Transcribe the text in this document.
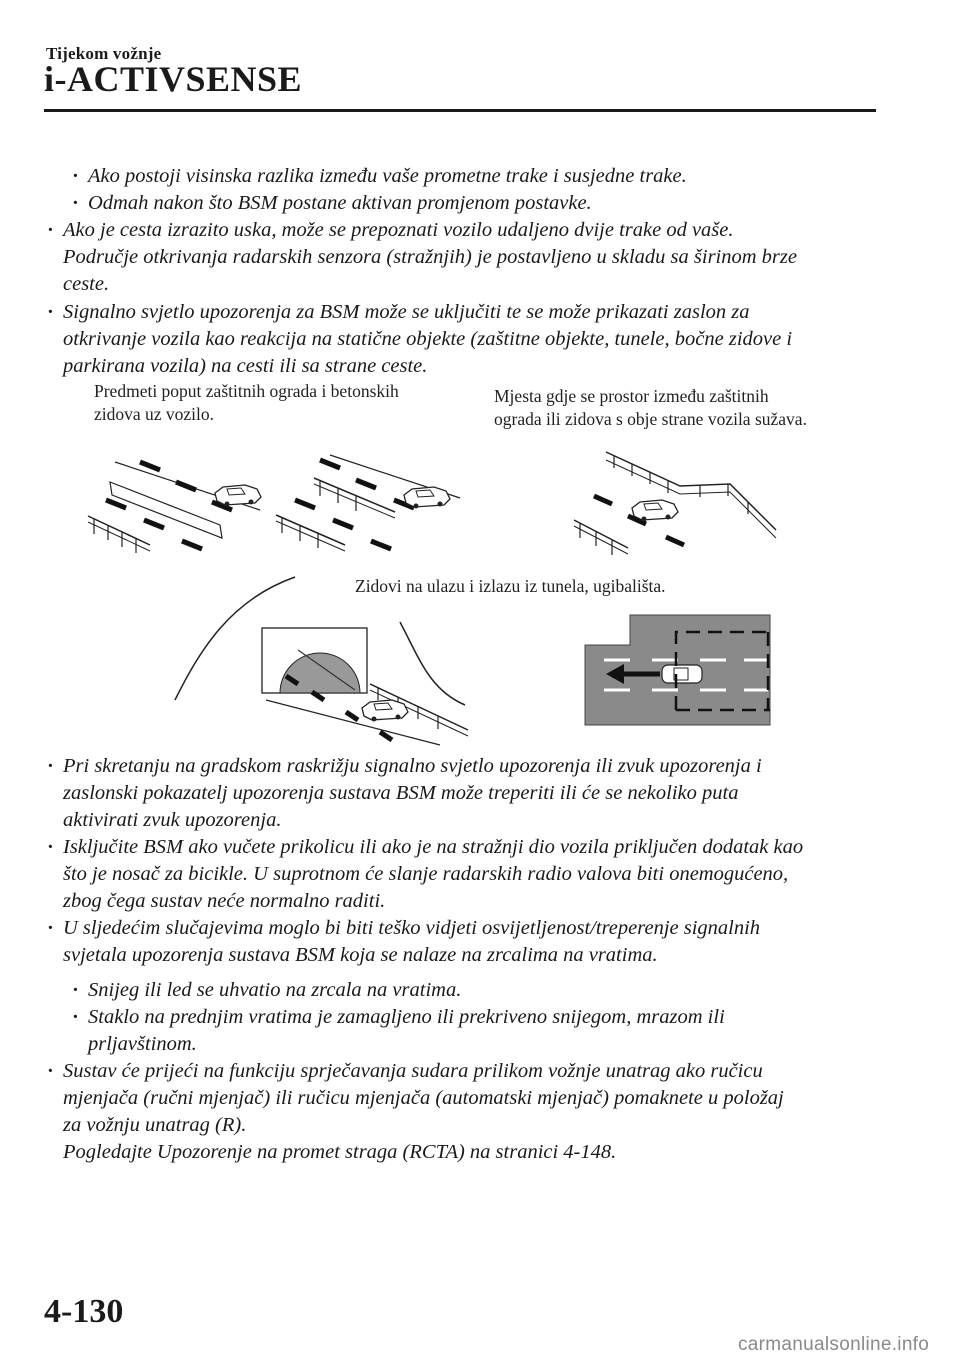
Tijekom vožnje
i-ACTIVSENSE
· Ako postoji visinska razlika između vaše prometne trake i susjedne trake.
· Odmah nakon što BSM postane aktivan promjenom postavke.
· Ako je cesta izrazito uska, može se prepoznati vozilo udaljeno dvije trake od vaše.
Područje otkrivanja radarskih senzora (stražnjih) je postavljeno u skladu sa širinom brze
ceste.
· Signalno svjetlo upozorenja za BSM može se uključiti te se može prikazati zaslon za
otkrivanje vozila kao reakcija na statične objekte (zaštitne objekte, tunele, bočne zidove i
parkirana vozila) na cesti ili sa strane ceste.
Predmeti poput zaštitnih ograda i betonskih
zidova uz vozilo.
Mjesta gdje se prostor između zaštitnih
ograda ili zidova s obje strane vozila sužava.
Zidovi na ulazu i izlazu iz tunela, ugibališta.
· Pri skretanju na gradskom raskrižju signalno svjetlo upozorenja ili zvuk upozorenja i
zaslonski pokazatelj upozorenja sustava BSM može treperiti ili će se nekoliko puta
aktivirati zvuk upozorenja.
· Isključite BSM ako vučete prikolicu ili ako je na stražnji dio vozila priključen dodatak kao
što je nosač za bicikle. U suprotnom će slanje radarskih radio valova biti onemogućeno,
zbog čega sustav neće normalno raditi.
· U sljedećim slučajevima moglo bi biti teško vidjeti osvijetljenost/treperenje signalnih
svjetala upozorenja sustava BSM koja se nalaze na zrcalima na vratima.
· Snijeg ili led se uhvatio na zrcala na vratima.
· Staklo na prednjim vratima je zamagljeno ili prekriveno snijegom, mrazom ili
prljavštinom.
· Sustav će prijeći na funkciju sprječavanja sudara prilikom vožnje unatrag ako ručicu
mjenjača (ručni mjenjač) ili ručicu mjenjača (automatski mjenjač) pomaknete u položaj
za vožnju unatrag (R).
Pogledajte Upozorenje na promet straga (RCTA) na stranici 4-148.
4-130
carmanualsonline.info
